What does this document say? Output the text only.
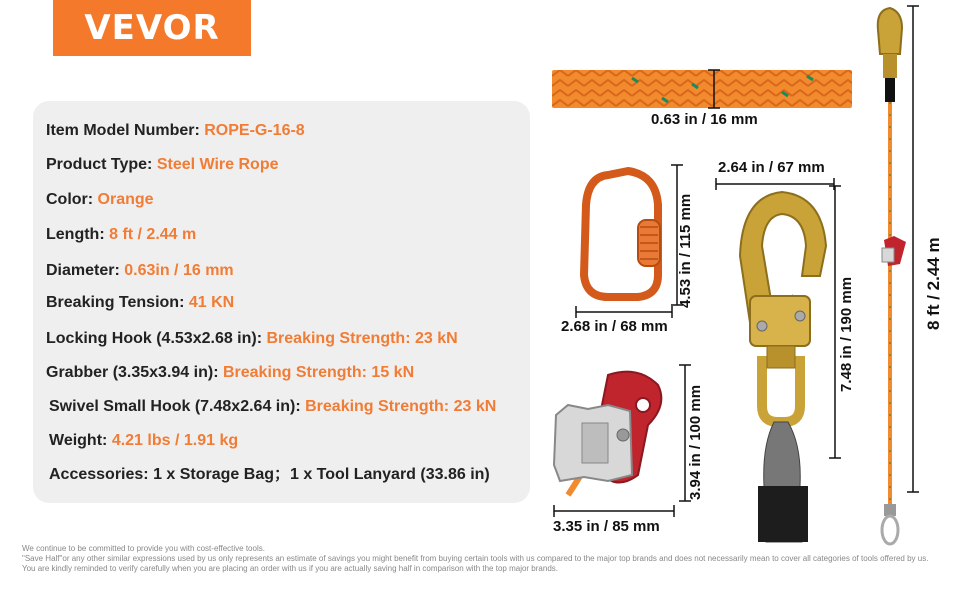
VEVOR
Item Model Number: ROPE-G-16-8
Product Type: Steel Wire Rope
Color: Orange
Length: 8 ft / 2.44 m
Diameter: 0.63in / 16 mm
Breaking Tension: 41 KN
Locking Hook (4.53x2.68 in): Breaking Strength: 23 kN
Grabber (3.35x3.94 in): Breaking Strength: 15 kN
Swivel Small Hook (7.48x2.64 in): Breaking Strength: 23 kN
Weight: 4.21 lbs / 1.91 kg
Accessories: 1 x Storage Bag；1 x Tool Lanyard (33.86 in)
0.63 in / 16 mm
4.53 in / 115 mm
2.68 in / 68 mm
3.94 in / 100 mm
3.35 in / 85 mm
2.64 in / 67 mm
7.48 in / 190 mm	8 ft / 2.44 m
We continue to be committed to provide you with cost-effective tools.
"Save Half"or any other similar expressions used by us only represents an estimate of savings you might benefit from buying certain tools with us compared to the major top brands and does not necessarily mean to cover all categories of tools offered by us.
You are kindly reminded to verify carefully when you are placing an order with us if you are actually saving half in comparison with the top major brands.
